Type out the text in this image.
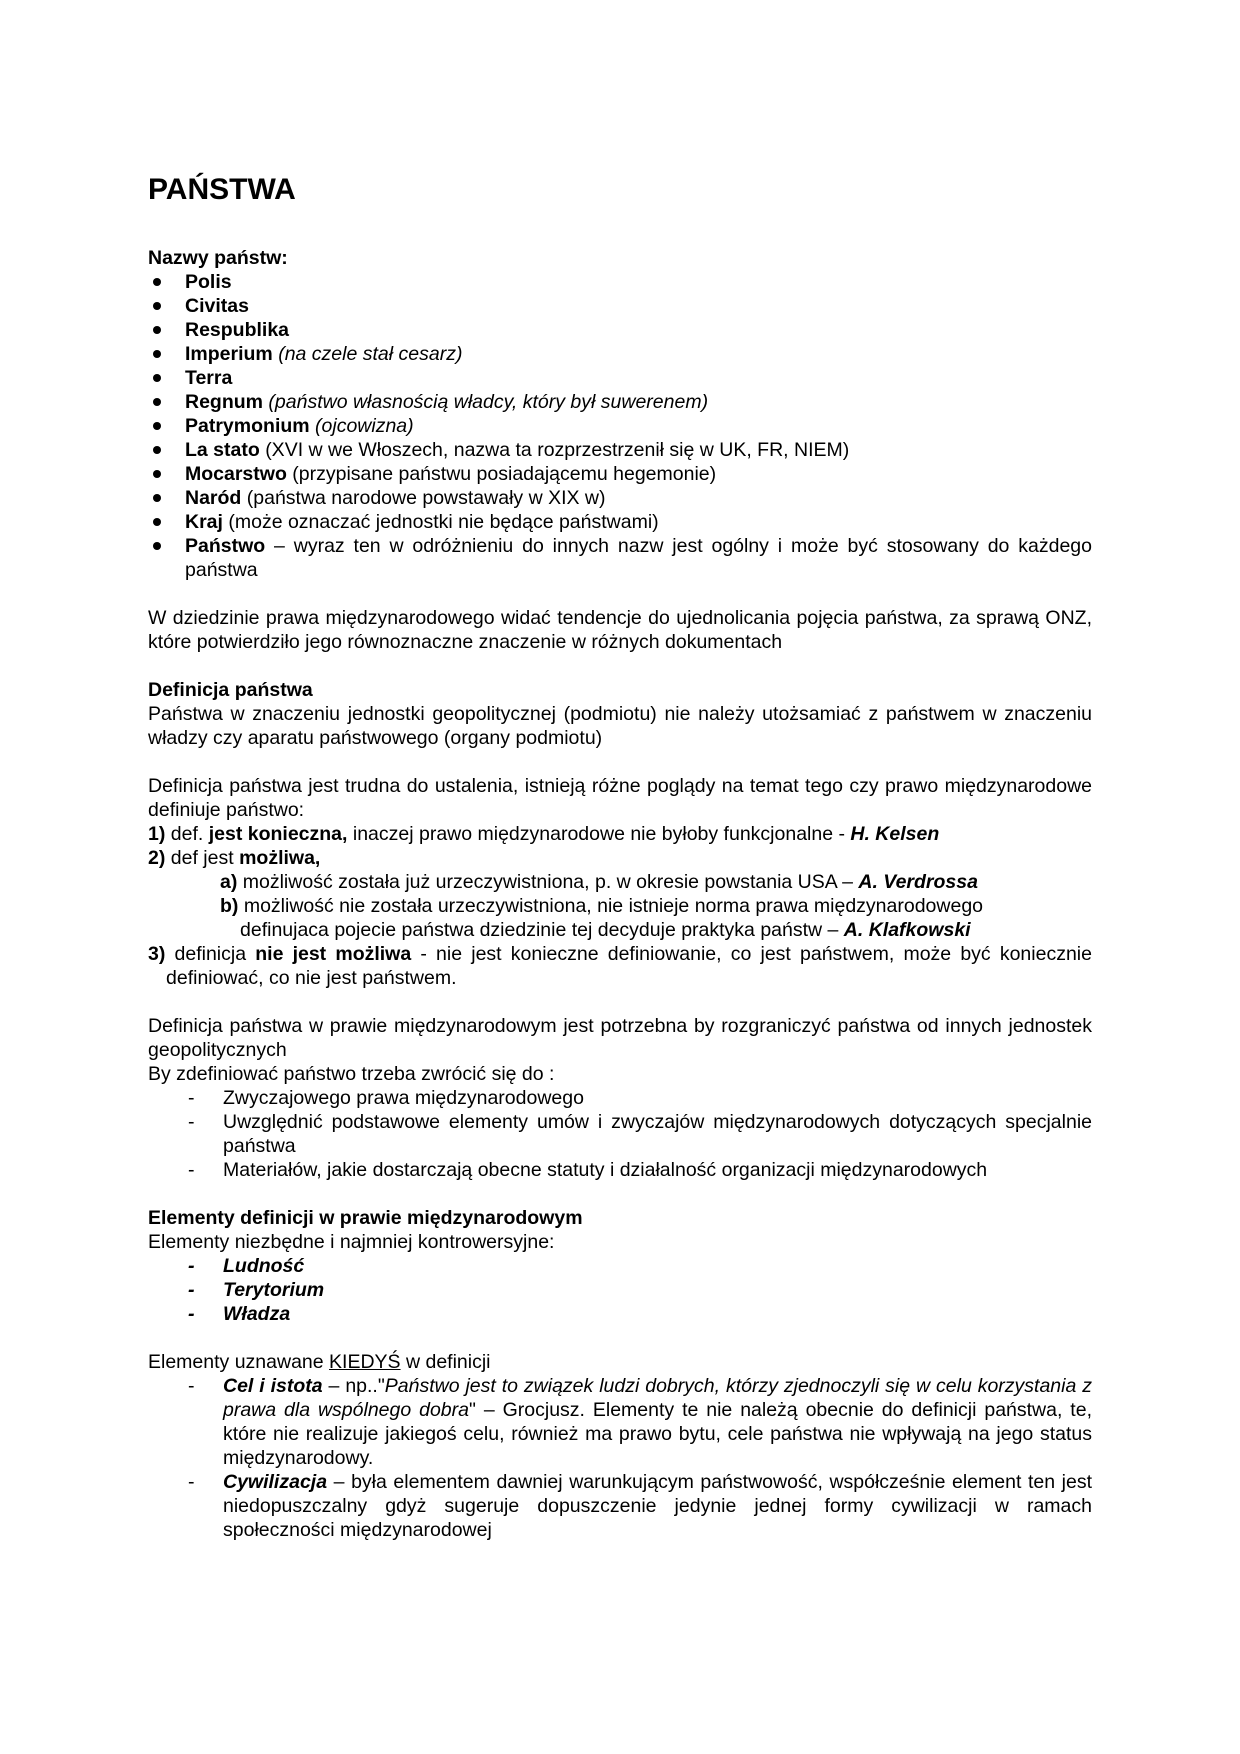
PAŃSTWA

Nazwy państw:

Polis
Civitas
Respublika
Imperium (na czele stał cesarz)
Terra
Regnum (państwo własnością władcy, który był suwerenem)
Patrymonium (ojcowizna)
La stato (XVI w we Włoszech, nazwa ta rozprzestrzenił się w UK, FR, NIEM)
Mocarstwo (przypisane państwu posiadającemu hegemonie)
Naród (państwa narodowe powstawały w XIX w)
Kraj (może oznaczać jednostki nie będące państwami)
Państwo – wyraz ten w odróżnieniu do innych nazw jest ogólny i może być stosowany do każdego państwa

W dziedzinie prawa międzynarodowego widać tendencje do ujednolicania pojęcia państwa, za sprawą ONZ, które potwierdziło jego równoznaczne znaczenie w różnych dokumentach

Definicja państwa

Państwa w znaczeniu jednostki geopolitycznej (podmiotu) nie należy utożsamiać z państwem w znaczeniu władzy czy aparatu państwowego (organy podmiotu)

Definicja państwa jest trudna do ustalenia, istnieją różne poglądy na temat tego czy prawo międzynarodowe definiuje państwo:

1) def. jest konieczna, inaczej prawo międzynarodowe nie byłoby funkcjonalne - H. Kelsen

2) def jest możliwa,

a) możliwość została już urzeczywistniona, p. w okresie powstania USA – A. Verdrossa

b) możliwość nie została urzeczywistniona, nie istnieje norma prawa międzynarodowego

definujaca pojecie państwa dziedzinie tej decyduje praktyka państw – A. Klafkowski

3) definicja nie jest możliwa - nie jest konieczne definiowanie, co jest państwem, może być koniecznie definiować, co nie jest państwem.

Definicja państwa w prawie międzynarodowym jest potrzebna by rozgraniczyć państwa od innych jednostek geopolitycznych

By zdefiniować państwo trzeba zwrócić się do :

- Zwyczajowego prawa międzynarodowego
- Uwzględnić podstawowe elementy umów i zwyczajów międzynarodowych dotyczących specjalnie państwa
- Materiałów, jakie dostarczają obecne statuty i działalność organizacji międzynarodowych

Elementy definicji w prawie międzynarodowym

Elementy niezbędne i najmniej kontrowersyjne:

- Ludność
- Terytorium
- Władza

Elementy uznawane KIEDYŚ w definicji

- Cel i istota – np.."Państwo jest to związek ludzi dobrych, którzy zjednoczyli się w celu korzystania z prawa dla wspólnego dobra" – Grocjusz. Elementy te nie należą obecnie do definicji państwa, te, które nie realizuje jakiegoś celu, również ma prawo bytu, cele państwa nie wpływają na jego status międzynarodowy.
- Cywilizacja – była elementem dawniej warunkującym państwowość, współcześnie element ten jest niedopuszczalny gdyż sugeruje dopuszczenie jedynie jednej formy cywilizacji w ramach społeczności międzynarodowej
